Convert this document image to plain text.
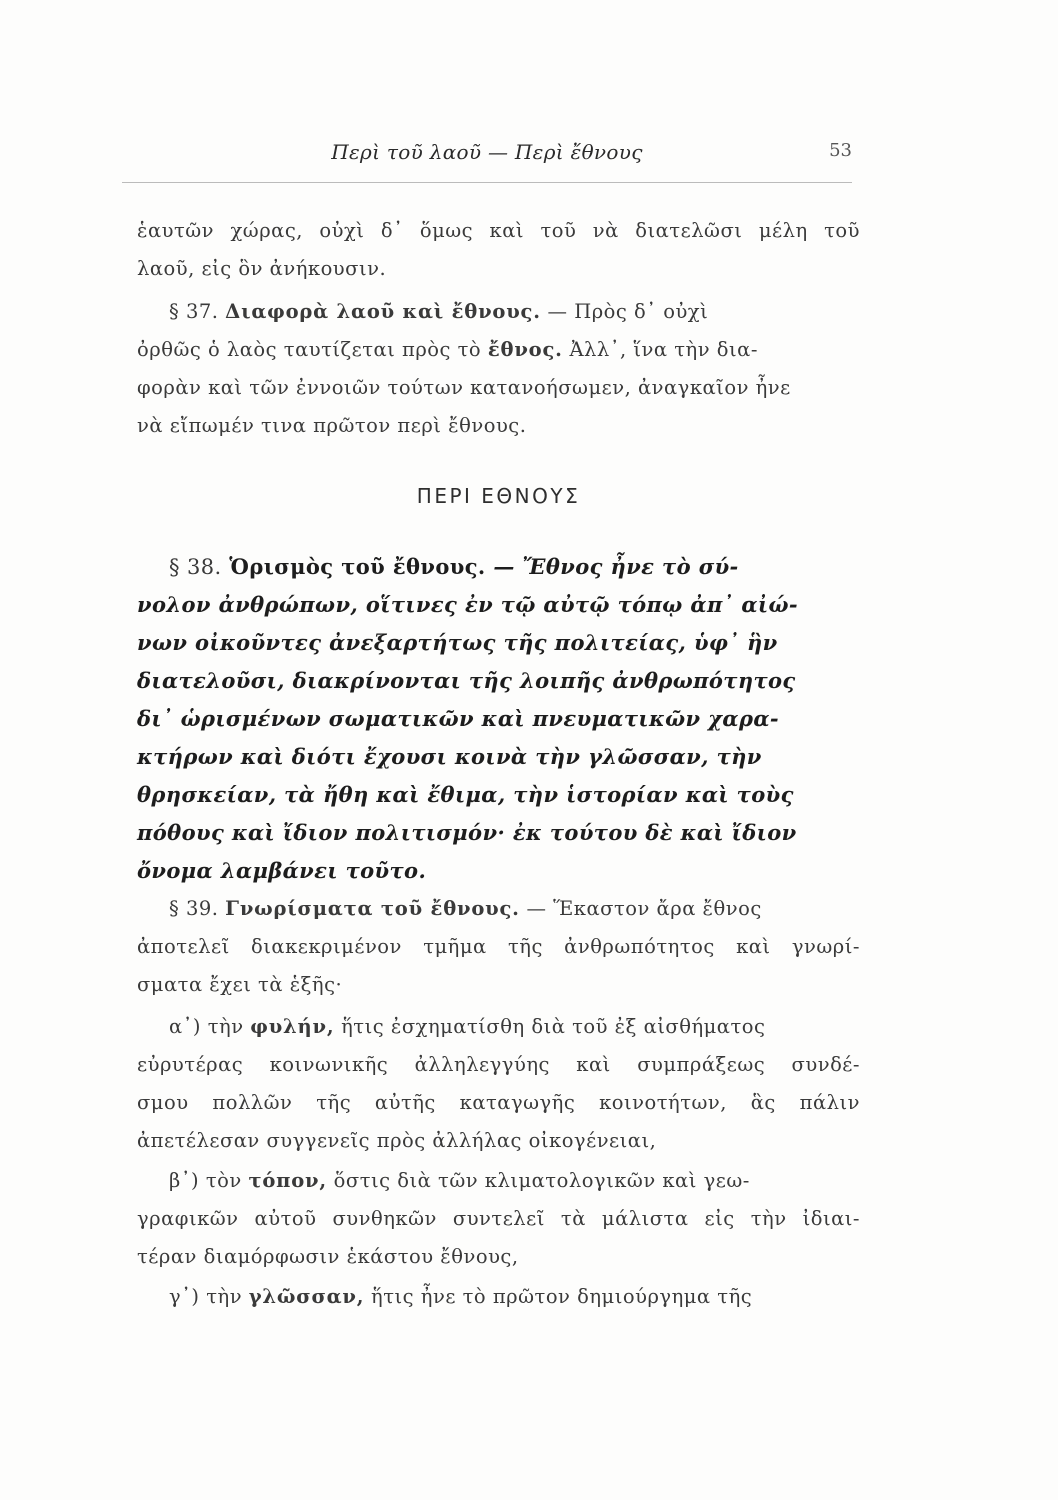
Περὶ τοῦ λαοῦ — Περὶ ἔθνους	53
ἑαυτῶν χώρας, οὐχὶ δ᾽ ὅμως καὶ τοῦ νὰ διατελῶσι μέλη τοῦ
λαοῦ, εἰς ὃν ἀνήκουσιν.
§ 37. Διαφορὰ λαοῦ καὶ ἔθνους. — Πρὸς δ᾽ οὐχὶ
ὀρθῶς ὁ λαὸς ταυτίζεται πρὸς τὸ ἔθνος. Ἀλλ᾽, ἵνα τὴν δια-
φορὰν καὶ τῶν ἐννοιῶν τούτων κατανοήσωμεν, ἀναγκαῖον ἦνε
νὰ εἴπωμέν τινα πρῶτον περὶ ἔθνους.
ΠΕΡΙ ΕΘΝΟΥΣ
§ 38. Ὁρισμὸς τοῦ ἔθνους. — Ἔθνος ἦνε τὸ σύ-
νολον ἀνθρώπων, οἵτινες ἐν τῷ αὐτῷ τόπῳ ἀπ᾽ αἰώ-
νων οἰκοῦντες ἀνεξαρτήτως τῆς πολιτείας, ὑφ᾽ ἣν
διατελοῦσι, διακρίνονται τῆς λοιπῆς ἀνθρωπότητος
δι᾽ ὡρισμένων σωματικῶν καὶ πνευματικῶν χαρα-
κτήρων καὶ διότι ἔχουσι κοινὰ τὴν γλῶσσαν, τὴν
θρησκείαν, τὰ ἤθη καὶ ἔθιμα, τὴν ἱστορίαν καὶ τοὺς
πόθους καὶ ἴδιον πολιτισμόν· ἐκ τούτου δὲ καὶ ἴδιον
ὄνομα λαμβάνει τοῦτο.
§ 39. Γνωρίσματα τοῦ ἔθνους. — Ἕκαστον ἄρα ἔθνος
ἀποτελεῖ διακεκριμένον τμῆμα τῆς ἀνθρωπότητος καὶ γνωρί-
σματα ἔχει τὰ ἑξῆς·
α᾽) τὴν φυλήν, ἥτις ἐσχηματίσθη διὰ τοῦ ἐξ αἰσθήματος
εὐρυτέρας κοινωνικῆς ἀλληλεγγύης καὶ συμπράξεως συνδέ-
σμου πολλῶν τῆς αὐτῆς καταγωγῆς κοινοτήτων, ἃς πάλιν
ἀπετέλεσαν συγγενεῖς πρὸς ἀλλήλας οἰκογένειαι,
β᾽) τὸν τόπον, ὅστις διὰ τῶν κλιματολογικῶν καὶ γεω-
γραφικῶν αὐτοῦ συνθηκῶν συντελεῖ τὰ μάλιστα εἰς τὴν ἰδιαι-
τέραν διαμόρφωσιν ἑκάστου ἔθνους,
γ᾽) τὴν γλῶσσαν, ἥτις ἦνε τὸ πρῶτον δημιούργημα τῆς
